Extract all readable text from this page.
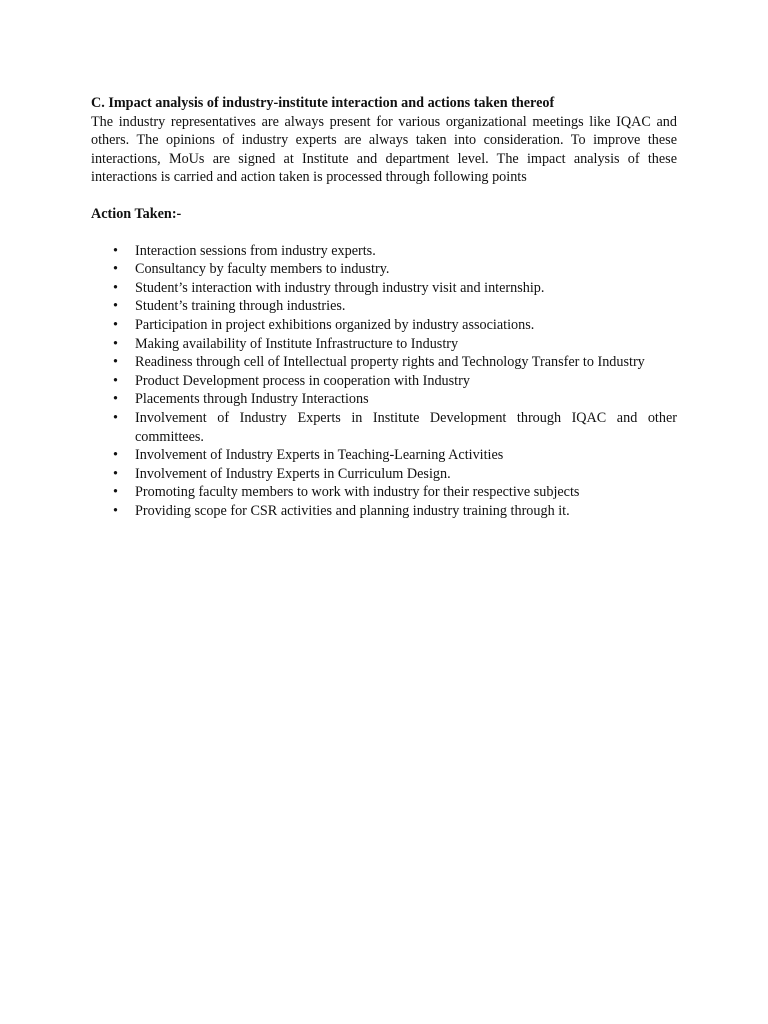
C. Impact analysis of industry-institute interaction and actions taken thereof

The industry representatives are always present for various organizational meetings like IQAC and others. The opinions of industry experts are always taken into consideration. To improve these interactions, MoUs are signed at Institute and department level. The impact analysis of these interactions is carried and action taken is processed through following points

Action Taken:-

• Interaction sessions from industry experts.
• Consultancy by faculty members to industry.
• Student’s interaction with industry through industry visit and internship.
• Student’s training through industries.
• Participation in project exhibitions organized by industry associations.
• Making availability of Institute Infrastructure to Industry
• Readiness through cell of Intellectual property rights and Technology Transfer to Industry
• Product Development process in cooperation with Industry
• Placements through Industry Interactions
• Involvement of Industry Experts in Institute Development through IQAC and other committees.
• Involvement of Industry Experts in Teaching-Learning Activities
• Involvement of Industry Experts in Curriculum Design.
• Promoting faculty members to work with industry for their respective subjects
• Providing scope for CSR activities and planning industry training through it.
